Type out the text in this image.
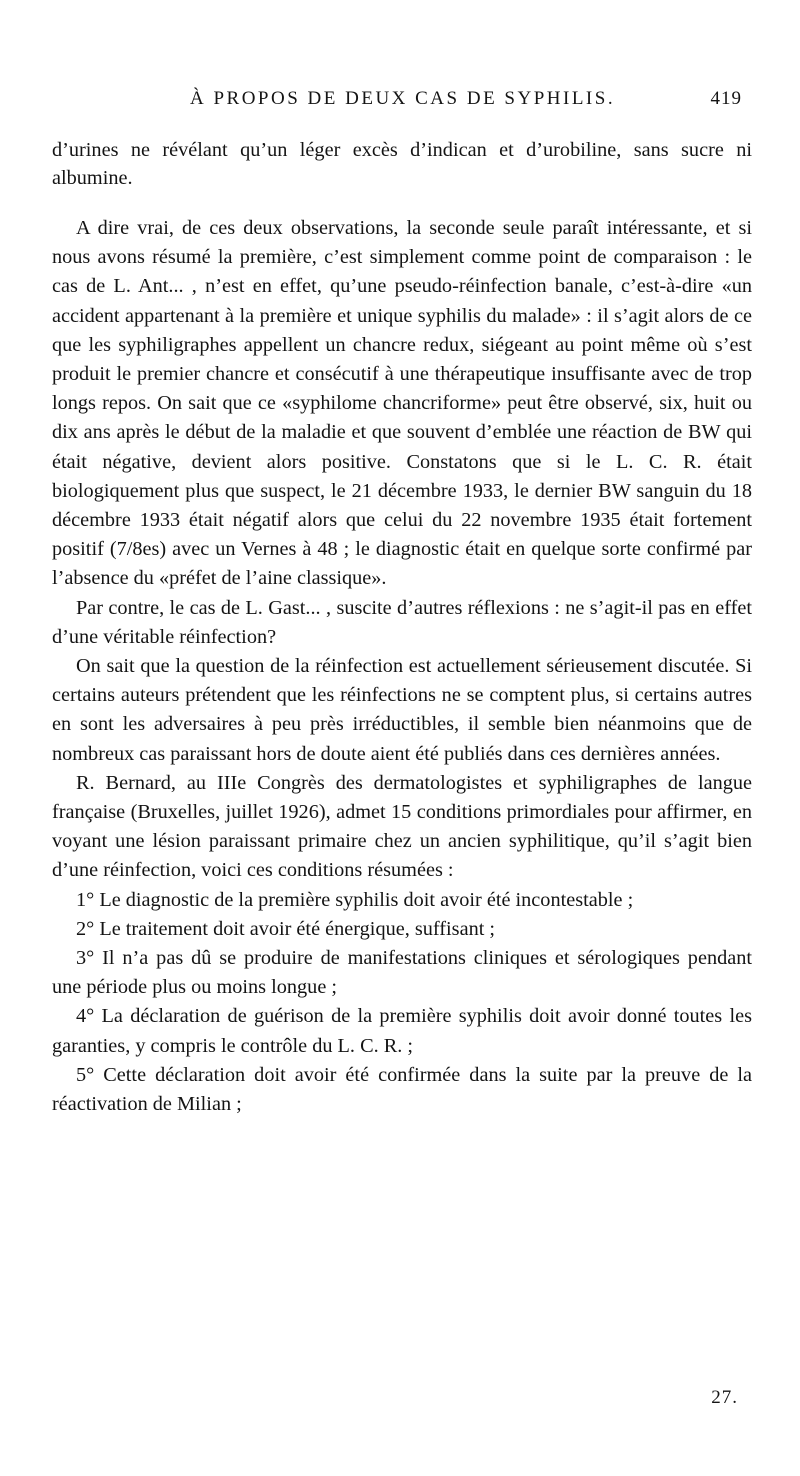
À PROPOS DE DEUX CAS DE SYPHILIS.	419

d’urines ne révélant qu’un léger excès d’indican et d’urobiline, sans sucre ni albumine.

A dire vrai, de ces deux observations, la seconde seule paraît intéressante, et si nous avons résumé la première, c’est simplement comme point de comparaison : le cas de L. Ant... , n’est en effet, qu’une pseudo-réinfection banale, c’est-à-dire «un accident appartenant à la première et unique syphilis du malade» : il s’agit alors de ce que les syphiligraphes appellent un chancre redux, siégeant au point même où s’est produit le premier chancre et consécutif à une thérapeutique insuffisante avec de trop longs repos. On sait que ce «syphilome chancriforme» peut être observé, six, huit ou dix ans après le début de la maladie et que souvent d’emblée une réaction de BW qui était négative, devient alors positive. Constatons que si le L. C. R. était biologiquement plus que suspect, le 21 décembre 1933, le dernier BW sanguin du 18 décembre 1933 était négatif alors que celui du 22 novembre 1935 était fortement positif (7/8es) avec un Vernes à 48 ; le diagnostic était en quelque sorte confirmé par l’absence du «préfet de l’aine classique».

Par contre, le cas de L. Gast... , suscite d’autres réflexions : ne s’agit-il pas en effet d’une véritable réinfection?

On sait que la question de la réinfection est actuellement sérieusement discutée. Si certains auteurs prétendent que les réinfections ne se comptent plus, si certains autres en sont les adversaires à peu près irréductibles, il semble bien néanmoins que de nombreux cas paraissant hors de doute aient été publiés dans ces dernières années.

R. Bernard, au IIIe Congrès des dermatologistes et syphiligraphes de langue française (Bruxelles, juillet 1926), admet 15 conditions primordiales pour affirmer, en voyant une lésion paraissant primaire chez un ancien syphilitique, qu’il s’agit bien d’une réinfection, voici ces conditions résumées :

1° Le diagnostic de la première syphilis doit avoir été incontestable ;

2° Le traitement doit avoir été énergique, suffisant ;

3° Il n’a pas dû se produire de manifestations cliniques et sérologiques pendant une période plus ou moins longue ;

4° La déclaration de guérison de la première syphilis doit avoir donné toutes les garanties, y compris le contrôle du L. C. R. ;

5° Cette déclaration doit avoir été confirmée dans la suite par la preuve de la réactivation de Milian ;

27.
